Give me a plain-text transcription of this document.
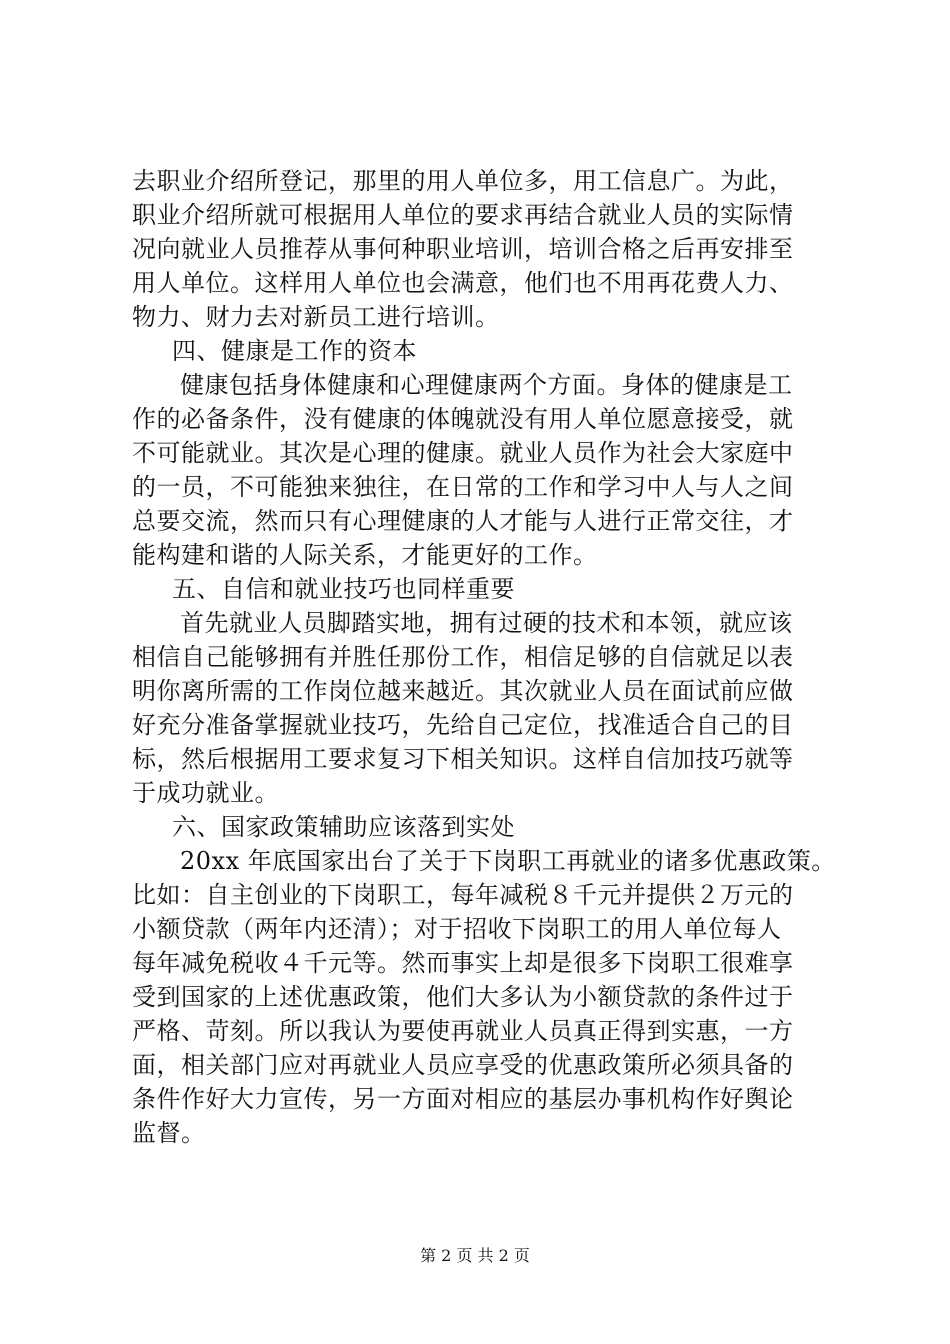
去职业介绍所登记，那里的用人单位多，用工信息广。为此，
职业介绍所就可根据用人单位的要求再结合就业人员的实际情
况向就业人员推荐从事何种职业培训，培训合格之后再安排至
用人单位。这样用人单位也会满意，他们也不用再花费人力、
物力、财力去对新员工进行培训。
四、健康是工作的资本
健康包括身体健康和心理健康两个方面。身体的健康是工
作的必备条件，没有健康的体魄就没有用人单位愿意接受，就
不可能就业。其次是心理的健康。就业人员作为社会大家庭中
的一员，不可能独来独往，在日常的工作和学习中人与人之间
总要交流，然而只有心理健康的人才能与人进行正常交往，才
能构建和谐的人际关系，才能更好的工作。
五、自信和就业技巧也同样重要
首先就业人员脚踏实地，拥有过硬的技术和本领，就应该
相信自己能够拥有并胜任那份工作，相信足够的自信就足以表
明你离所需的工作岗位越来越近。其次就业人员在面试前应做
好充分准备掌握就业技巧，先给自己定位，找准适合自己的目
标，然后根据用工要求复习下相关知识。这样自信加技巧就等
于成功就业。
六、国家政策辅助应该落到实处
20xx 年底国家出台了关于下岗职工再就业的诸多优惠政策。
比如：自主创业的下岗职工，每年减税８千元并提供２万元的
小额贷款（两年内还清）；对于招收下岗职工的用人单位每人
每年减免税收４千元等。然而事实上却是很多下岗职工很难享
受到国家的上述优惠政策，他们大多认为小额贷款的条件过于
严格、苛刻。所以我认为要使再就业人员真正得到实惠，一方
面，相关部门应对再就业人员应享受的优惠政策所必须具备的
条件作好大力宣传，另一方面对相应的基层办事机构作好舆论
监督。
第 2 页 共 2 页
